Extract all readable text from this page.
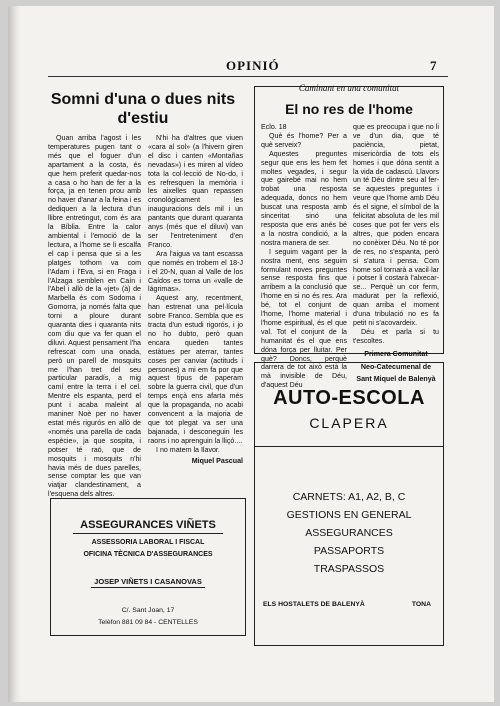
OPINIÓ	7
Somni d'una o dues nits d'estiu

Quan arriba l'agost i les temperatures pugen tant o més que el foguer d'un apartament a la costa, és que hem preferit quedar-nos a casa o ho han de fer a la força, ja en tenen prou amb no haver d'anar a la feina i es dediquen a la lectura d'un llibre entretingut, com és ara la Bíblia. Entre la calor ambiental i l'emoció de la lectura, a l'home se li escalfa el cap i pensa que si a les platges tothom va com l'Adam i l'Eva, si en Fraga i l'Alzaga semblen en Caín i l'Abel i allò de la «jet» (à) de Marbella és com Sodoma i Gomorra, ja només falta que torni a ploure durant quaranta dies i quaranta nits com diu que va fer quan el diluvi. Aquest pensament l'ha refrescat com una onada, però un parell de mosquits me l'han tret del seu particular paradís, a mig camí entre la terra i el cel. Mentre els espanta, perd el punt i acaba maleint al maniner Noè per no haver estat més rigurós en allò de «només una parella de cada espècie», ja que sospita, i potser té raó, que de mosquits i mosquits n'hi havia més de dues parelles, sense comptar les que van viatjar clandestinament, a l'esquena dels altres.

N'hi ha d'altres que viuen «cara al sol» (a l'hivern giren el disc i canten «Montañas nevadas») i es miren al vídeo tota la col·lecció de No-do, i es refresquen la memòria i les aixelles quan repassen cronològicament les inauguracions dels mil i un pantants que durant quaranta anys (més que el diluvi) van ser l'entreteniment d'en Franco.

Ara l'aigua va tant escassa que només en trobem el 18-J i el 20-N, quan al Valle de los Caídos es torna un «valle de lágrimas».

Aquest any, recentment, han estrenat una pel·lícula sobre Franco. Sembla que es tracta d'un estudi rigorós, i jo no ho dubto, però quan encara queden tantes estàtues per aterrar, tantes coses per canviar (actituds i persones) a mi em fa por que aquest tipus de paperam sobre la guerra civil, que d'un temps ençà ens afarta més que la propaganda, no acabi convencent a la majoria de que tot plegat va ser una bajanada, i desconeguin les raons i no aprenguin la lliçó....

I no matem la Ilavor.

Miquel Pascual

Caminant en una comunitat
El no res de l'home

Eclo. 18

Què és l'home? Per a què serveix?

Aquestes preguntes segur que ens les hem fet moltes vegades, i segur que gairebé mai no hem trobat una resposta adequada, doncs no hem buscat una resposta amb sinceritat sinó una resposta que ens anés bé a la nostra condició, a la nostra manera de ser.

I seguim vagant per la nostra ment, ens seguim formulant noves preguntes sense resposta fins que arribem a la conclusió que l'home en si no és res. Ara bé, tot el conjunt de l'home, l'home material i l'home espiritual, és el que val. Tot el conjunt de la humanitat és el que ens dóna força per lluitar. Per què? Doncs, perquè darrera de tot això està la mà invisible de Déu, d'aquest Déu

que es preocupa i que no li ve d'un dia, que té paciència, pietat, misericòrdia de tots els homes i que dóna sentit a la vida de cadascú. Llavors un té Déu dintre seu al fer-se aquestes preguntes i veure que l'home amb Déu és el signe, el símbol de la felicitat absoluta de les mil coses que pot fer vers els altres, que poden encara no conèixer Déu. No té por de res, no s'espanta, però si s'atura i pensa. Com home sol tornarà a vacil·lar i potser li costarà l'alxecar-se... Perquè un cor ferm, madurat per la reflexió, quan arriba el moment d'una tribulació no es fa petit ni s'acovardeix.

Déu et parla si tu t'escoltes.

Primera Comunitat

Neo-Catecumenal de

Sant Miquel de Balenyà

ASSEGURANCES VIÑETS
ASSESSORIA LABORAL I FISCAL
OFICINA TÈCNICA D'ASSEGURANCES
JOSEP VIÑETS I CASANOVAS
C/. Sant Joan, 17
Telèfon 881 09 84 - CENTELLES
AUTO-ESCOLA
CLAPERA
CARNETS: A1, A2, B, C
GESTIONS EN GENERAL
ASSEGURANCES
PASSAPORTS
TRASPASSOS
ELS HOSTALETS DE BALENYÀ	TONA
